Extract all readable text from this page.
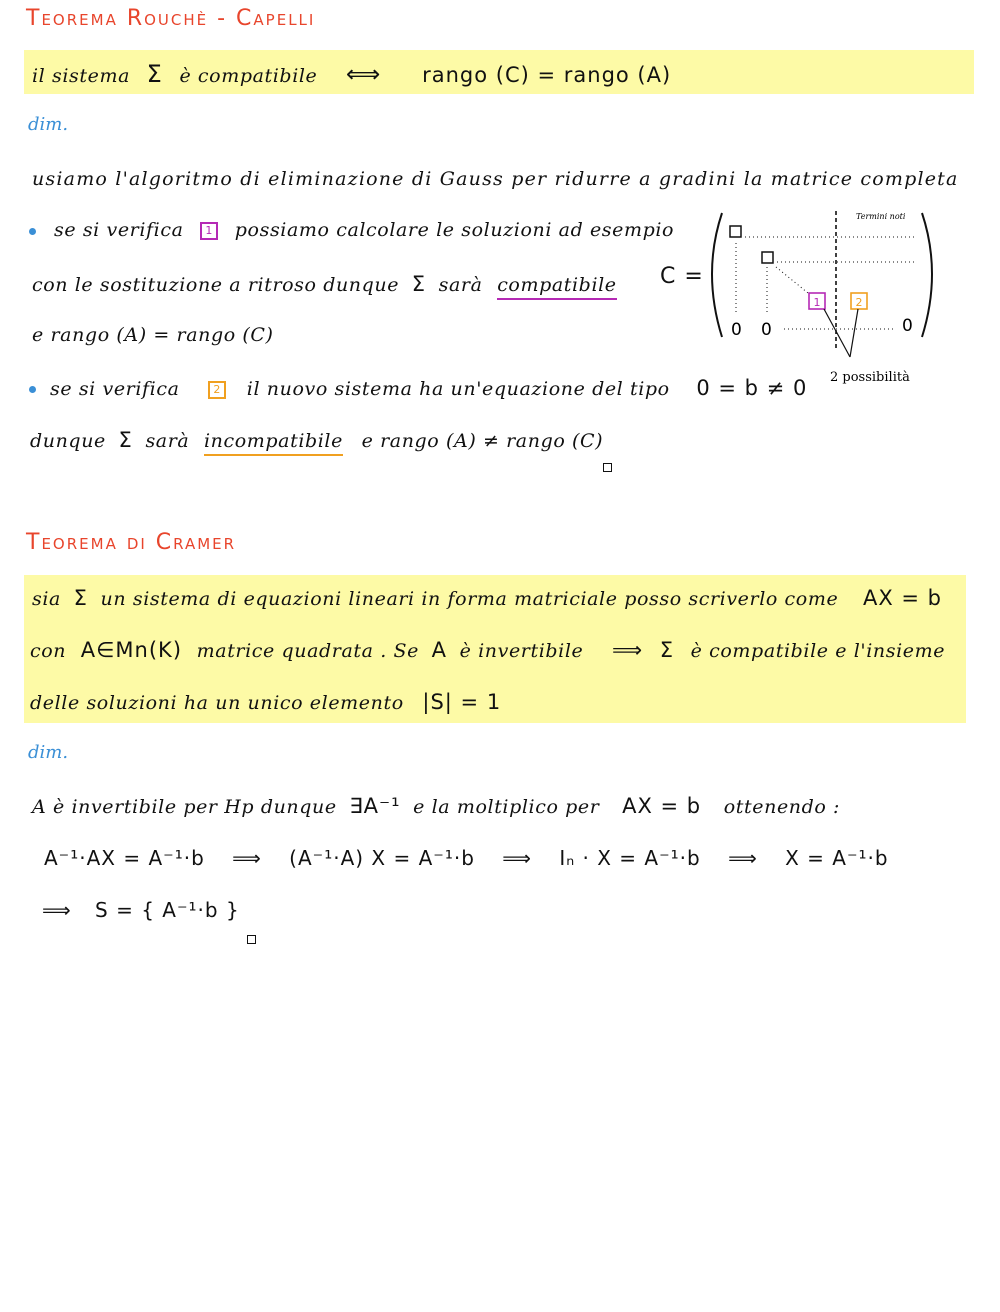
Teorema Rouchè - Capelli
il sistema Σ è compatibile ⟺ rango (C) = rango (A)
dim.
usiamo l'algoritmo di eliminazione di Gauss per ridurre a gradini la matrice completa
se si verifica 1 possiamo calcolare le soluzioni ad esempio
con le sostituzione a ritroso dunque Σ sarà compatibile
e rango (A) = rango (C)
se si verifica	2 il nuovo sistema ha un'equazione del tipo 0 = b ≠ 0
dunque Σ sarà incompatibile e rango (A) ≠ rango (C)
C =
1	2
0 0	0
Termini noti
2 possibilità
Teorema di Cramer
sia Σ un sistema di equazioni lineari in forma matriciale posso scriverlo come AX = b
con A∈Mn(K) matrice quadrata . Se A è invertibile ⟹ Σ è compatibile e l'insieme
delle soluzioni ha un unico elemento |S| = 1
dim.
A è invertibile per Hp dunque ∃A⁻¹ e la moltiplico per AX = b ottenendo :
A⁻¹·AX = A⁻¹·b ⟹ (A⁻¹·A) X = A⁻¹·b ⟹ Iₙ · X = A⁻¹·b ⟹ X = A⁻¹·b
⟹ S = { A⁻¹·b }
